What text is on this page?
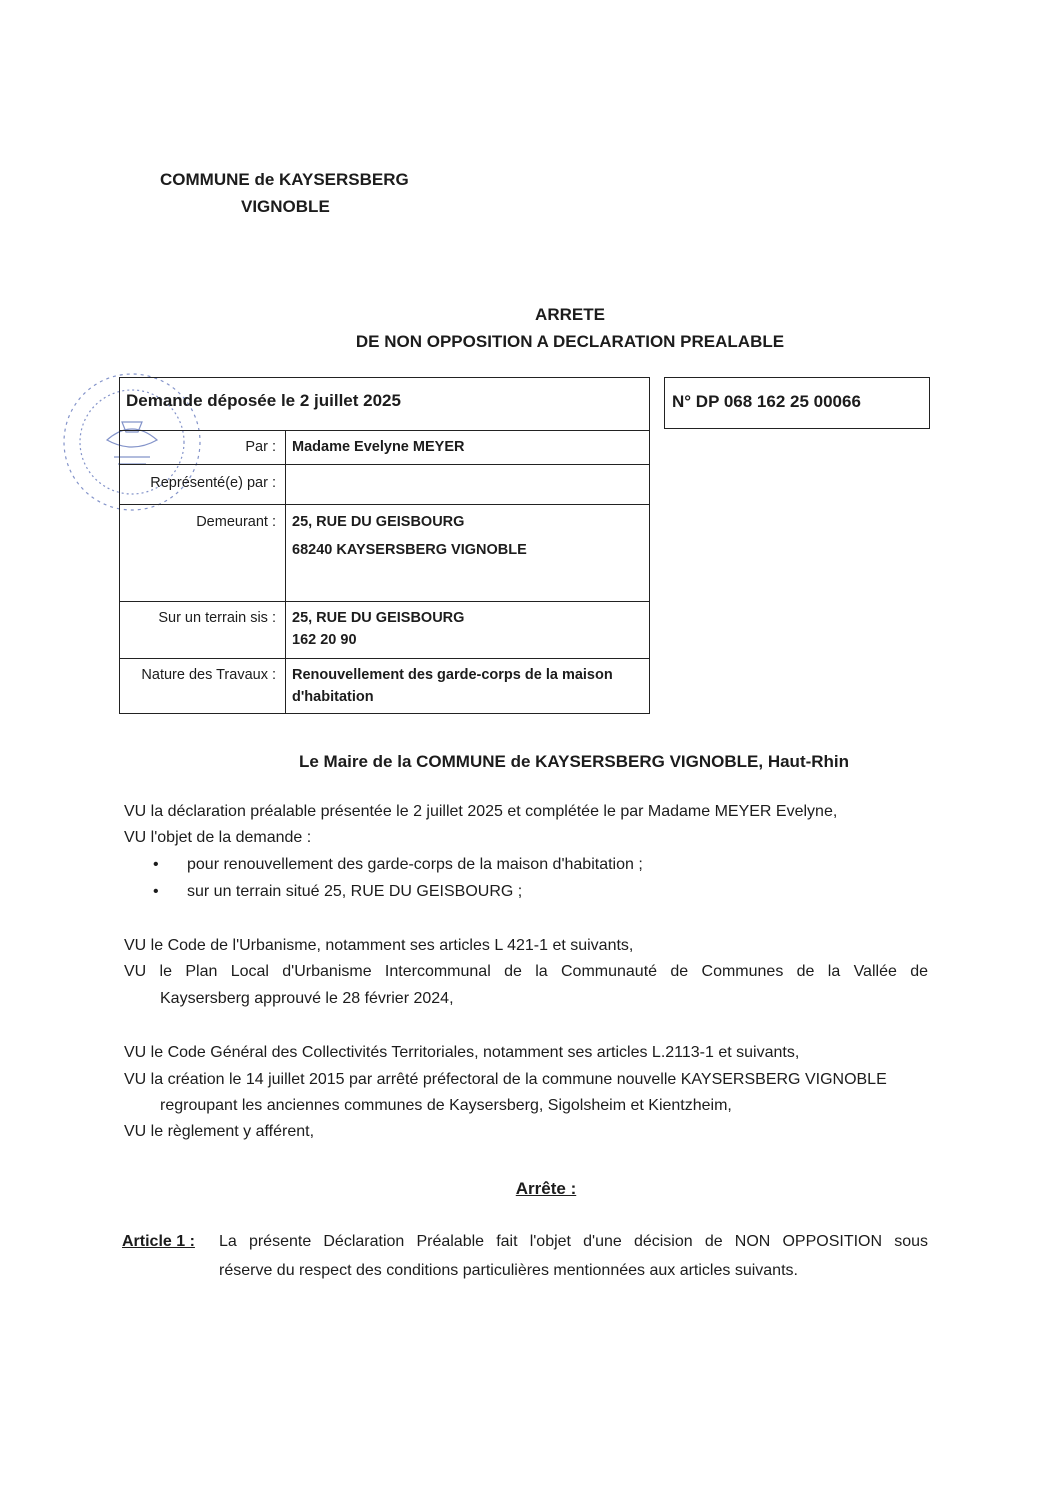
COMMUNE de KAYSERSBERG
VIGNOBLE
ARRETE
DE NON OPPOSITION A DECLARATION PREALABLE
Demande déposée le 2 juillet 2025
Par : Madame Evelyne MEYER
Représenté(e) par :
Demeurant : 25, RUE DU GEISBOURG
68240 KAYSERSBERG VIGNOBLE
Sur un terrain sis : 25, RUE DU GEISBOURG
162 20 90
Nature des Travaux : Renouvellement des garde-corps de la maison
d'habitation
N° DP 068 162 25 00066
Le Maire de la COMMUNE de KAYSERSBERG VIGNOBLE, Haut-Rhin
VU la déclaration préalable présentée le 2 juillet 2025 et complétée le par Madame MEYER Evelyne,
VU l'objet de la demande :
• pour renouvellement des garde-corps de la maison d'habitation ;
• sur un terrain situé 25, RUE DU GEISBOURG ;
VU le Code de l'Urbanisme, notamment ses articles L 421-1 et suivants,
VU le Plan Local d'Urbanisme Intercommunal de la Communauté de Communes de la Vallée de
Kaysersberg approuvé le 28 février 2024,
VU le Code Général des Collectivités Territoriales, notamment ses articles L.2113-1 et suivants,
VU la création le 14 juillet 2015 par arrêté préfectoral de la commune nouvelle KAYSERSBERG VIGNOBLE
regroupant les anciennes communes de Kaysersberg, Sigolsheim et Kientzheim,
VU le règlement y afférent,
Arrête :
Article 1 : La présente Déclaration Préalable fait l'objet d'une décision de NON OPPOSITION sous
réserve du respect des conditions particulières mentionnées aux articles suivants.
